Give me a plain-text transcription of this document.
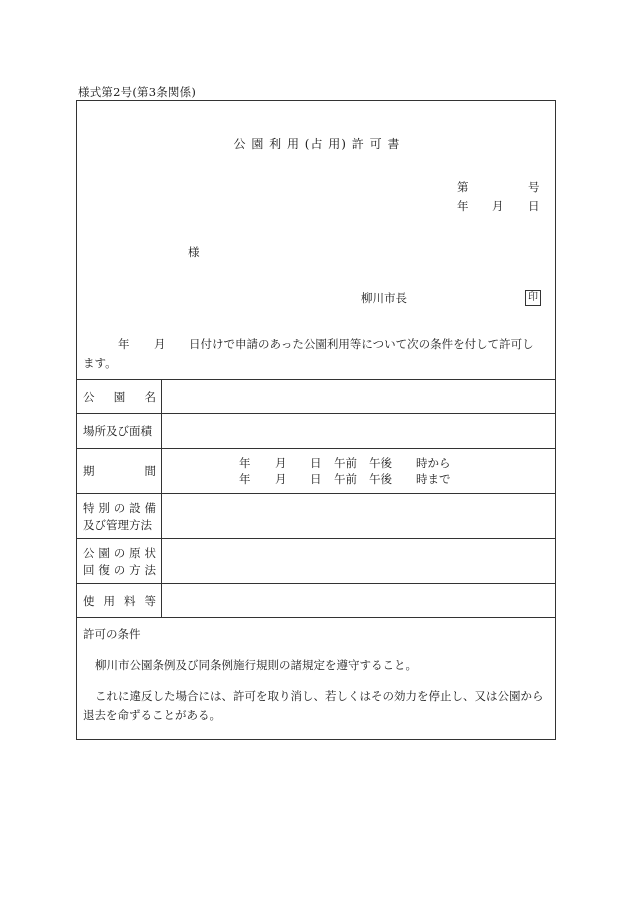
様式第2号(第3条関係)
公 園 利 用 (占 用) 許 可 書
第	号
年 月 日
様
柳川市長	印
年 月 日付けで申請のあった公園利用等について次の条件を付して許可し
ます。
公 園 名
場所及び面積
期	間
年 月 日 午前 午後 時から
年 月 日 午前 午後 時まで
特 別 の 設 備
及び管理方法
公 園 の 原 状
回 復 の 方 法
使 用 料 等
許可の条件
柳川市公園条例及び同条例施行規則の諸規定を遵守すること。
これに違反した場合には、許可を取り消し、若しくはその効力を停止し、又は公園から
退去を命ずることがある。
